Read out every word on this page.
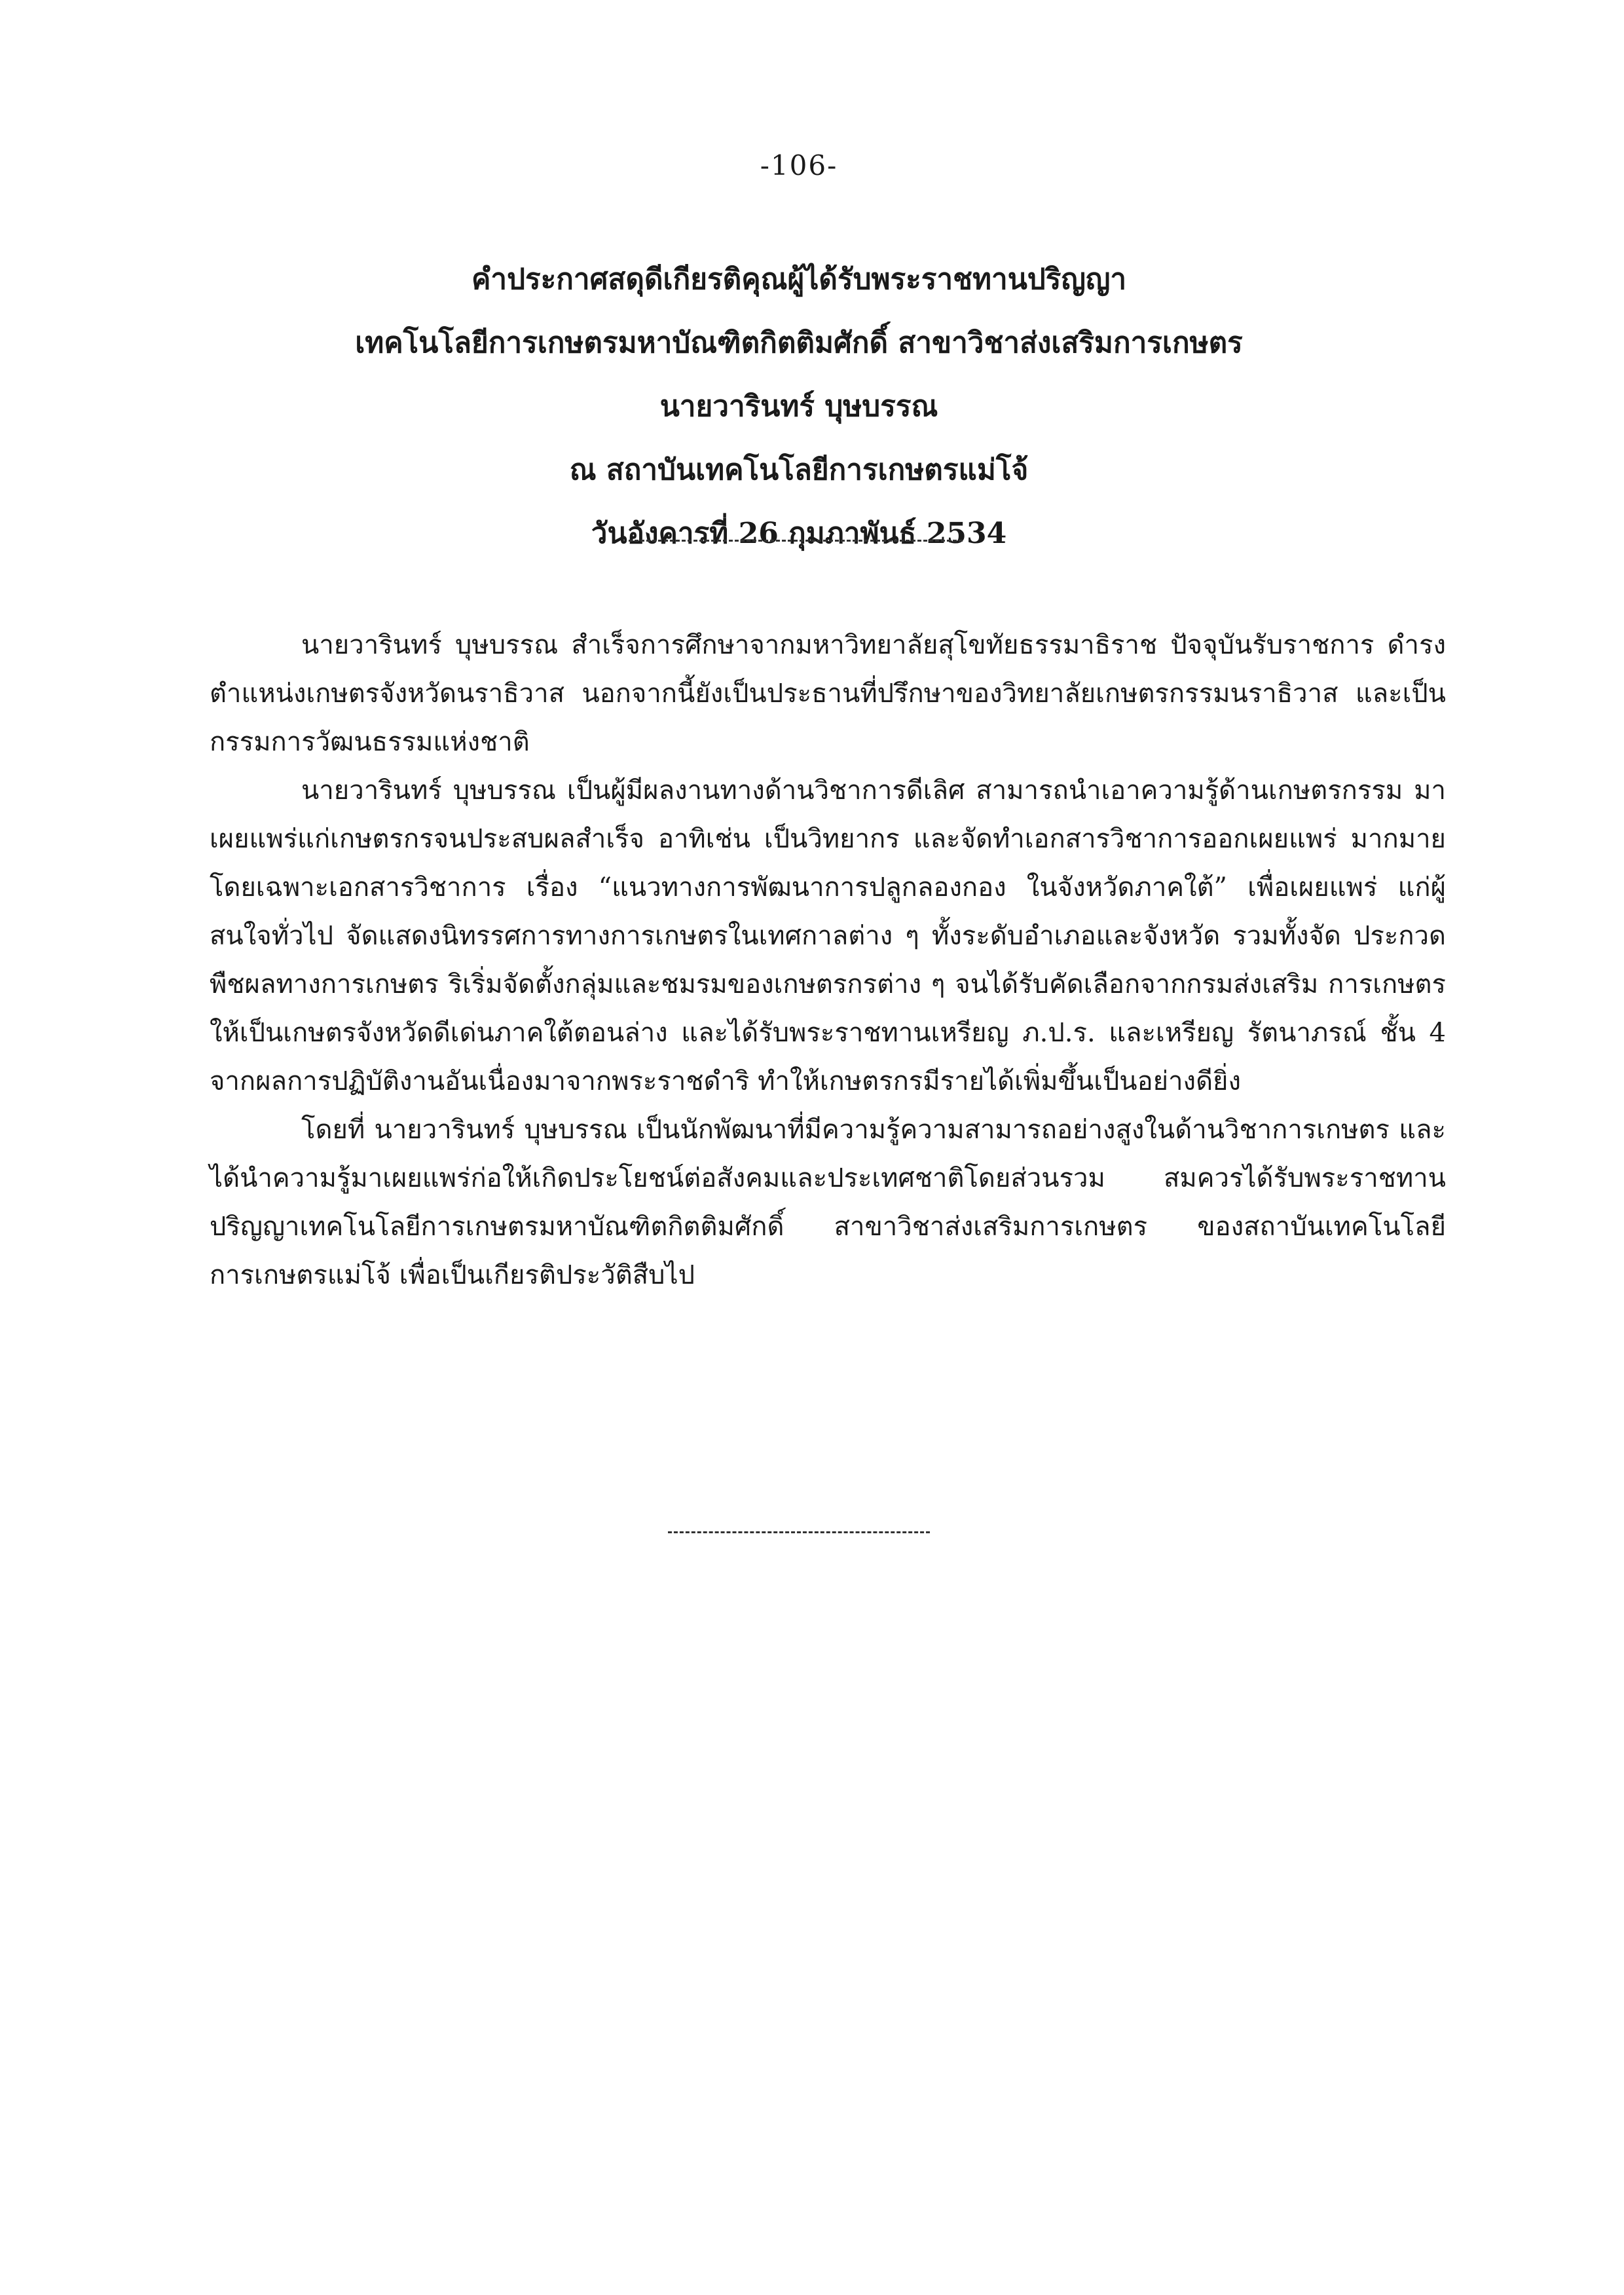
-106-
คำประกาศสดุดีเกียรติคุณผู้ได้รับพระราชทานปริญญา
เทคโนโลยีการเกษตรมหาบัณฑิตกิตติมศักดิ์ สาขาวิชาส่งเสริมการเกษตร
นายวารินทร์ บุษบรรณ
ณ สถาบันเทคโนโลยีการเกษตรแม่โจ้
วันอังคารที่ 26 กุมภาพันธ์ 2534

นายวารินทร์ บุษบรรณ สำเร็จการศึกษาจากมหาวิทยาลัยสุโขทัยธรรมาธิราช ปัจจุบันรับราชการ ดำรงตำแหน่งเกษตรจังหวัดนราธิวาส นอกจากนี้ยังเป็นประธานที่ปรึกษาของวิทยาลัยเกษตรกรรมนราธิวาส และเป็นกรรมการวัฒนธรรมแห่งชาติ

นายวารินทร์ บุษบรรณ เป็นผู้มีผลงานทางด้านวิชาการดีเลิศ สามารถนำเอาความรู้ด้านเกษตรกรรม มาเผยแพร่แก่เกษตรกรจนประสบผลสำเร็จ อาทิเช่น เป็นวิทยากร และจัดทำเอกสารวิชาการออกเผยแพร่ มากมาย โดยเฉพาะเอกสารวิชาการ เรื่อง “แนวทางการพัฒนาการปลูกลองกอง ในจังหวัดภาคใต้” เพื่อเผยแพร่ แก่ผู้สนใจทั่วไป จัดแสดงนิทรรศการทางการเกษตรในเทศกาลต่าง ๆ ทั้งระดับอำเภอและจังหวัด รวมทั้งจัด ประกวดพืชผลทางการเกษตร ริเริ่มจัดตั้งกลุ่มและชมรมของเกษตรกรต่าง ๆ จนได้รับคัดเลือกจากกรมส่งเสริม การเกษตรให้เป็นเกษตรจังหวัดดีเด่นภาคใต้ตอนล่าง และได้รับพระราชทานเหรียญ ภ.ป.ร. และเหรียญ รัตนาภรณ์ ชั้น 4 จากผลการปฏิบัติงานอันเนื่องมาจากพระราชดำริ ทำให้เกษตรกรมีรายได้เพิ่มขึ้นเป็นอย่างดียิ่ง

โดยที่ นายวารินทร์ บุษบรรณ เป็นนักพัฒนาที่มีความรู้ความสามารถอย่างสูงในด้านวิชาการเกษตร และได้นำความรู้มาเผยแพร่ก่อให้เกิดประโยชน์ต่อสังคมและประเทศชาติโดยส่วนรวม สมควรได้รับพระราชทาน ปริญญาเทคโนโลยีการเกษตรมหาบัณฑิตกิตติมศักดิ์ สาขาวิชาส่งเสริมการเกษตร ของสถาบันเทคโนโลยี การเกษตรแม่โจ้ เพื่อเป็นเกียรติประวัติสืบไป
